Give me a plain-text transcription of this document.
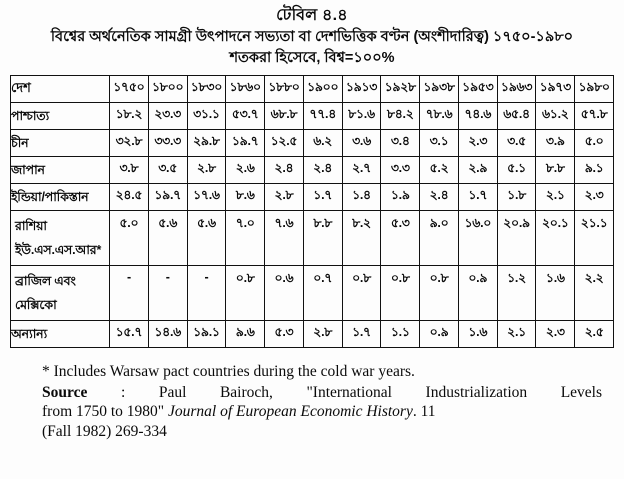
টেবিল ৪.৪
বিশ্বের অর্থনেতিক সামগ্রী উৎপাদনে সভ্যতা বা দেশভিত্তিক বণ্টন (অংশীদারিত্ব) ১৭৫০-১৯৮০
শতকরা হিসেবে, বিশ্ব=১০০%
দেশ	১৭৫০	১৮০০	১৮৩০	১৮৬০	১৮৮০	১৯০০	১৯১৩	১৯২৮	১৯৩৮	১৯৫৩	১৯৬৩	১৯৭৩	১৯৮০

পাশ্চাত্য	১৮.২	২৩.৩	৩১.১	৫৩.৭	৬৮.৮	৭৭.৪	৮১.৬	৮৪.২	৭৮.৬	৭৪.৬	৬৫.৪	৬১.২	৫৭.৮

চীন	৩২.৮	৩৩.৩	২৯.৮	১৯.৭	১২.৫	৬.২	৩.৬	৩.৪	৩.১	২.৩	৩.৫	৩.৯	৫.০

জাপান	৩.৮	৩.৫	২.৮	২.৬	২.৪	২.৪	২.৭	৩.৩	৫.২	২.৯	৫.১	৮.৮	৯.১

ইন্ডিয়া/পাকিস্তান	২৪.৫	১৯.৭	১৭.৬	৮.৬	২.৮	১.৭	১.৪	১.৯	২.৪	১.৭	১.৮	২.১	২.৩

রাশিয়া
ইউ.এস.এস.আর*	৫.০	৫.৬	৫.৬	৭.০	৭.৬	৮.৮	৮.২	৫.৩	৯.০	১৬.০	২০.৯	২০.১	২১.১

ব্রাজিল এবং
মেক্সিকো	-	-	-	০.৮	০.৬	০.৭	০.৮	০.৮	০.৮	০.৯	১.২	১.৬	২.২

অন্যান্য	১৫.৭	১৪.৬	১৯.১	৯.৬	৫.৩	২.৮	১.৭	১.১	০.৯	১.৬	২.১	২.৩	২.৫
* Includes Warsaw pact countries during the cold war years.
Source : Paul Bairoch, "International Industrialization Levels
from 1750 to 1980" Journal of European Economic History. 11
(Fall 1982) 269-334
